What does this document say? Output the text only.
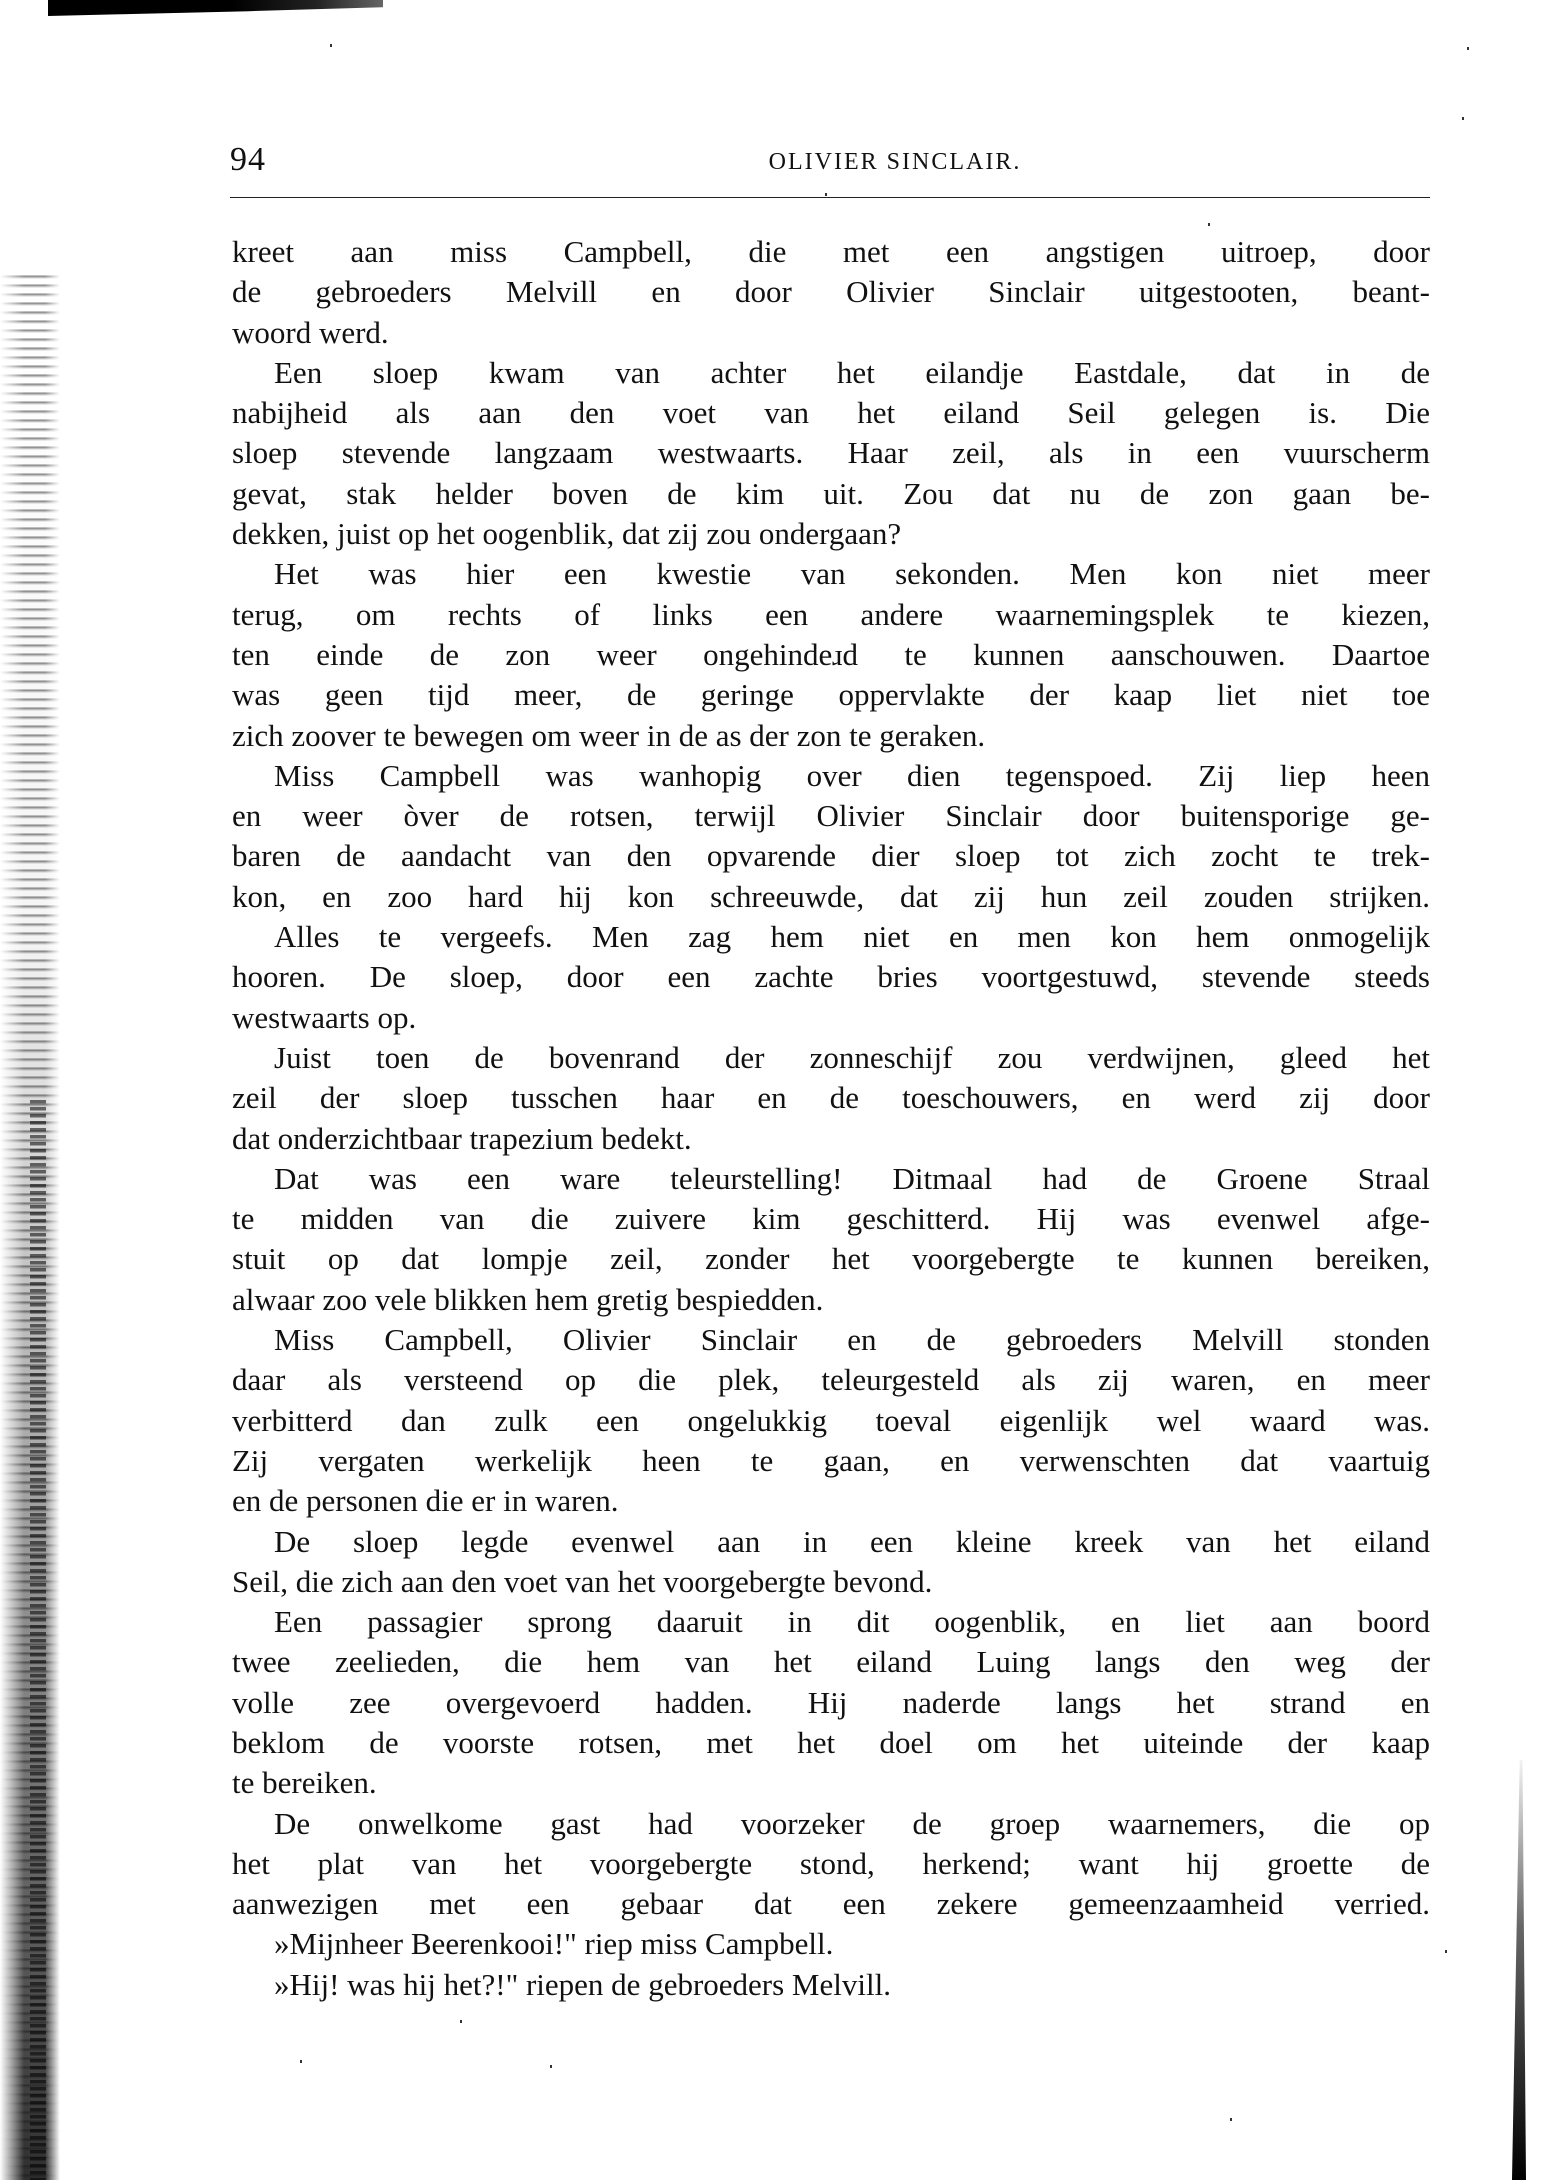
94	OLIVIER SINCLAIR.
kreet aan miss Campbell, die met een angstigen uitroep, door
de gebroeders Melvill en door Olivier Sinclair uitgestooten, beant-
woord werd.
Een sloep kwam van achter het eilandje Eastdale, dat in de
nabijheid als aan den voet van het eiland Seil gelegen is. Die
sloep stevende langzaam westwaarts. Haar zeil, als in een vuurscherm
gevat, stak helder boven de kim uit. Zou dat nu de zon gaan be-
dekken, juist op het oogenblik, dat zij zou ondergaan?
Het was hier een kwestie van sekonden. Men kon niet meer
terug, om rechts of links een andere waarnemingsplek te kiezen,
ten einde de zon weer ongehindeɹd te kunnen aanschouwen. Daartoe
was geen tijd meer, de geringe oppervlakte der kaap liet niet toe
zich zoover te bewegen om weer in de as der zon te geraken.
Miss Campbell was wanhopig over dien tegenspoed. Zij liep heen
en weer òver de rotsen, terwijl Olivier Sinclair door buitensporige ge-
baren de aandacht van den opvarende dier sloep tot zich zocht te trek-
kon, en zoo hard hij kon schreeuwde, dat zij hun zeil zouden strijken.
Alles te vergeefs. Men zag hem niet en men kon hem onmogelijk
hooren. De sloep, door een zachte bries voortgestuwd, stevende steeds
westwaarts op.
Juist toen de bovenrand der zonneschijf zou verdwijnen, gleed het
zeil der sloep tusschen haar en de toeschouwers, en werd zij door
dat onderzichtbaar trapezium bedekt.
Dat was een ware teleurstelling! Ditmaal had de Groene Straal
te midden van die zuivere kim geschitterd. Hij was evenwel afge-
stuit op dat lompje zeil, zonder het voorgebergte te kunnen bereiken,
alwaar zoo vele blikken hem gretig bespiedden.
Miss Campbell, Olivier Sinclair en de gebroeders Melvill stonden
daar als versteend op die plek, teleurgesteld als zij waren, en meer
verbitterd dan zulk een ongelukkig toeval eigenlijk wel waard was.
Zij vergaten werkelijk heen te gaan, en verwenschten dat vaartuig
en de personen die er in waren.
De sloep legde evenwel aan in een kleine kreek van het eiland
Seil, die zich aan den voet van het voorgebergte bevond.
Een passagier sprong daaruit in dit oogenblik, en liet aan boord
twee zeelieden, die hem van het eiland Luing langs den weg der
volle zee overgevoerd hadden. Hij naderde langs het strand en
beklom de voorste rotsen, met het doel om het uiteinde der kaap
te bereiken.
De onwelkome gast had voorzeker de groep waarnemers, die op
het plat van het voorgebergte stond, herkend; want hij groette de
aanwezigen met een gebaar dat een zekere gemeenzaamheid verried.
»Mijnheer Beerenkooi!" riep miss Campbell.
»Hij! was hij het?!" riepen de gebroeders Melvill.
